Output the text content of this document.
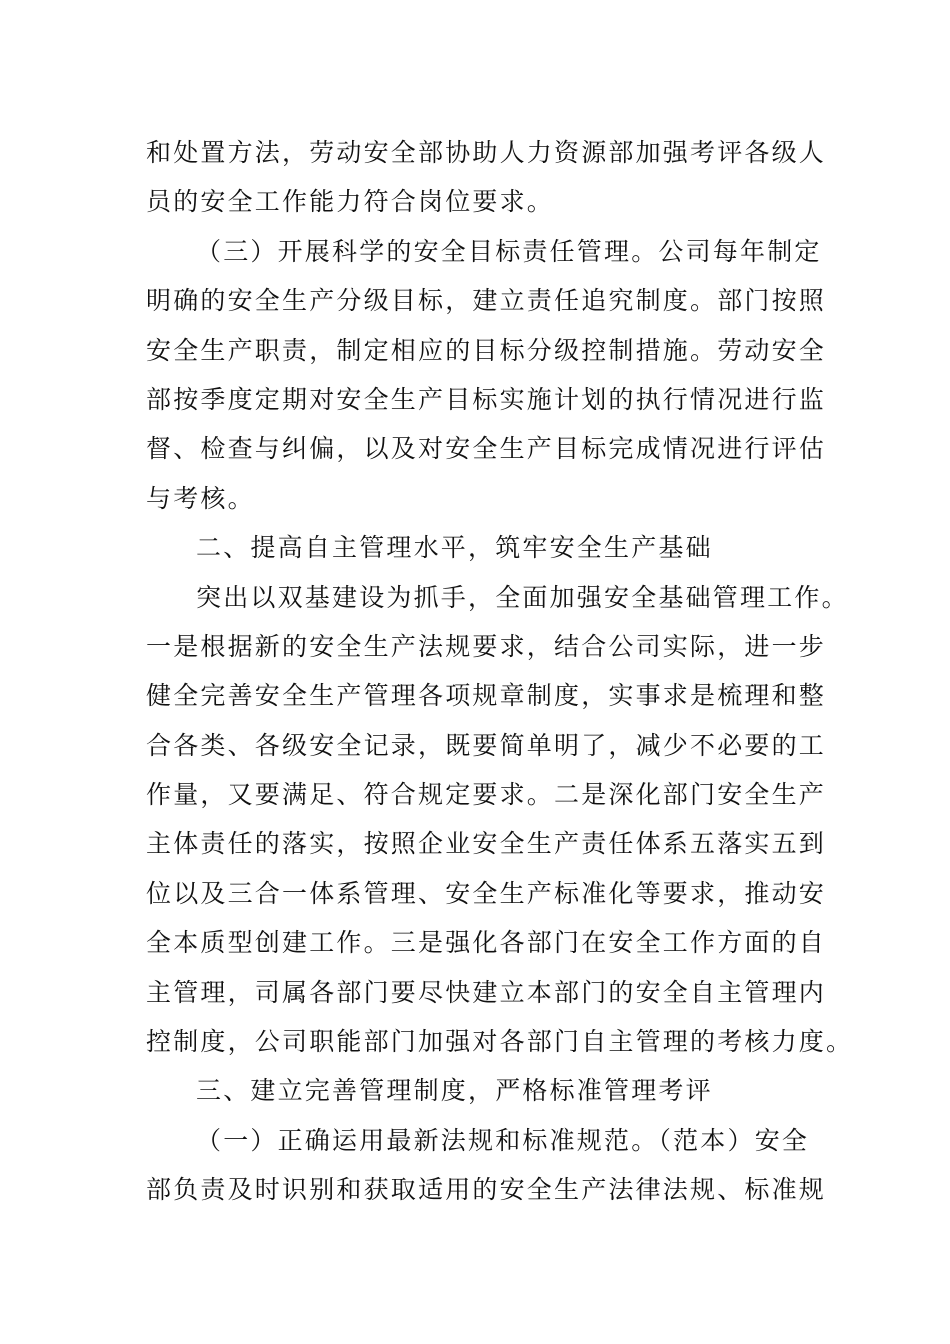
和处置方法，劳动安全部协助人力资源部加强考评各级人
员的安全工作能力符合岗位要求。
（三）开展科学的安全目标责任管理。公司每年制定
明确的安全生产分级目标，建立责任追究制度。部门按照
安全生产职责，制定相应的目标分级控制措施。劳动安全
部按季度定期对安全生产目标实施计划的执行情况进行监
督、检查与纠偏，以及对安全生产目标完成情况进行评估
与考核。
二、提高自主管理水平，筑牢安全生产基础
突出以双基建设为抓手，全面加强安全基础管理工作。
一是根据新的安全生产法规要求，结合公司实际，进一步
健全完善安全生产管理各项规章制度，实事求是梳理和整
合各类、各级安全记录，既要简单明了，减少不必要的工
作量，又要满足、符合规定要求。二是深化部门安全生产
主体责任的落实，按照企业安全生产责任体系五落实五到
位以及三合一体系管理、安全生产标准化等要求，推动安
全本质型创建工作。三是强化各部门在安全工作方面的自
主管理，司属各部门要尽快建立本部门的安全自主管理内
控制度，公司职能部门加强对各部门自主管理的考核力度。
三、建立完善管理制度，严格标准管理考评
（一）正确运用最新法规和标准规范。（范本）安全
部负责及时识别和获取适用的安全生产法律法规、标准规
